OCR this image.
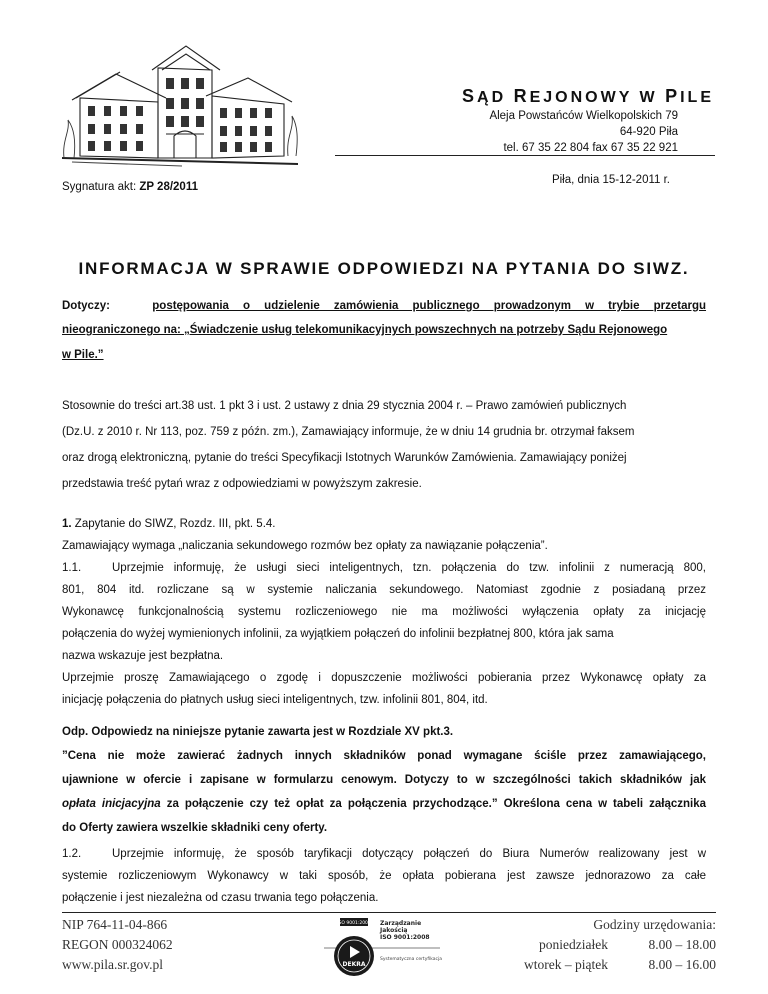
SĄD REJONOWY W PILE
Aleja Powstańców Wielkopolskich 79
64-920 Piła
tel. 67 35 22 804 fax 67 35 22 921
Piła, dnia 15-12-2011 r.
Sygnatura akt: ZP 28/2011
INFORMACJA W SPRAWIE ODPOWIEDZI NA PYTANIA DO SIWZ.
Dotyczy:	postępowania o udzielenie zamówienia publicznego prowadzonym w trybie przetargu
nieograniczonego na: „Świadczenie usług telekomunikacyjnych powszechnych na potrzeby Sądu Rejonowego
w Pile.”
Stosownie do treści art.38 ust. 1 pkt 3 i ust. 2 ustawy z dnia 29 stycznia 2004 r. – Prawo zamówień publicznych
(Dz.U. z 2010 r. Nr 113, poz. 759 z późn. zm.), Zamawiający informuje, że w dniu 14 grudnia br. otrzymał faksem
oraz drogą elektroniczną, pytanie do treści Specyfikacji Istotnych Warunków Zamówienia. Zamawiający poniżej
przedstawia treść pytań wraz z odpowiedziami w powyższym zakresie.
1. Zapytanie do SIWZ, Rozdz. III, pkt. 5.4.
Zamawiający wymaga „naliczania sekundowego rozmów bez opłaty za nawiązanie połączenia”.
1.1.	Uprzejmie informuję, że usługi sieci inteligentnych, tzn. połączenia do tzw. infolinii z numeracją 800,
801, 804 itd. rozliczane są w systemie naliczania sekundowego. Natomiast zgodnie z posiadaną przez
Wykonawcę funkcjonalnością systemu rozliczeniowego nie ma możliwości wyłączenia opłaty za inicjację
połączenia do wyżej wymienionych infolinii, za wyjątkiem połączeń do infolinii bezpłatnej 800, która jak sama
nazwa wskazuje jest bezpłatna.
Uprzejmie proszę Zamawiającego o zgodę i dopuszczenie możliwości pobierania przez Wykonawcę opłaty za
inicjację połączenia do płatnych usług sieci inteligentnych, tzw. infolinii 801, 804, itd.
Odp. Odpowiedz na niniejsze pytanie zawarta jest w Rozdziale XV pkt.3.
”Cena nie może zawierać żadnych innych składników ponad wymagane ściśle przez zamawiającego,
ujawnione w ofercie i zapisane w formularzu cenowym. Dotyczy to w szczególności takich składników jak
opłata inicjacyjna za połączenie czy też opłat za połączenia przychodzące.” Określona cena w tabeli załącznika
do Oferty zawiera wszelkie składniki ceny oferty.
NIP 764-11-04-866
REGON 000324062
www.pila.sr.gov.pl
ISO 9001:2008
DEKRA
Zarządzanie
Jakością
ISO 9001:2008
Systematyczna certyfikacja
Godziny urzędowania:
poniedziałek	8.00 – 18.00
wtorek – piątek	8.00 – 16.00
1.2.	Uprzejmie informuję, że sposób taryfikacji dotyczący połączeń do Biura Numerów realizowany jest w
systemie rozliczeniowym Wykonawcy w taki sposób, że opłata pobierana jest zawsze jednorazowo za całe
połączenie i jest niezależna od czasu trwania tego połączenia.
